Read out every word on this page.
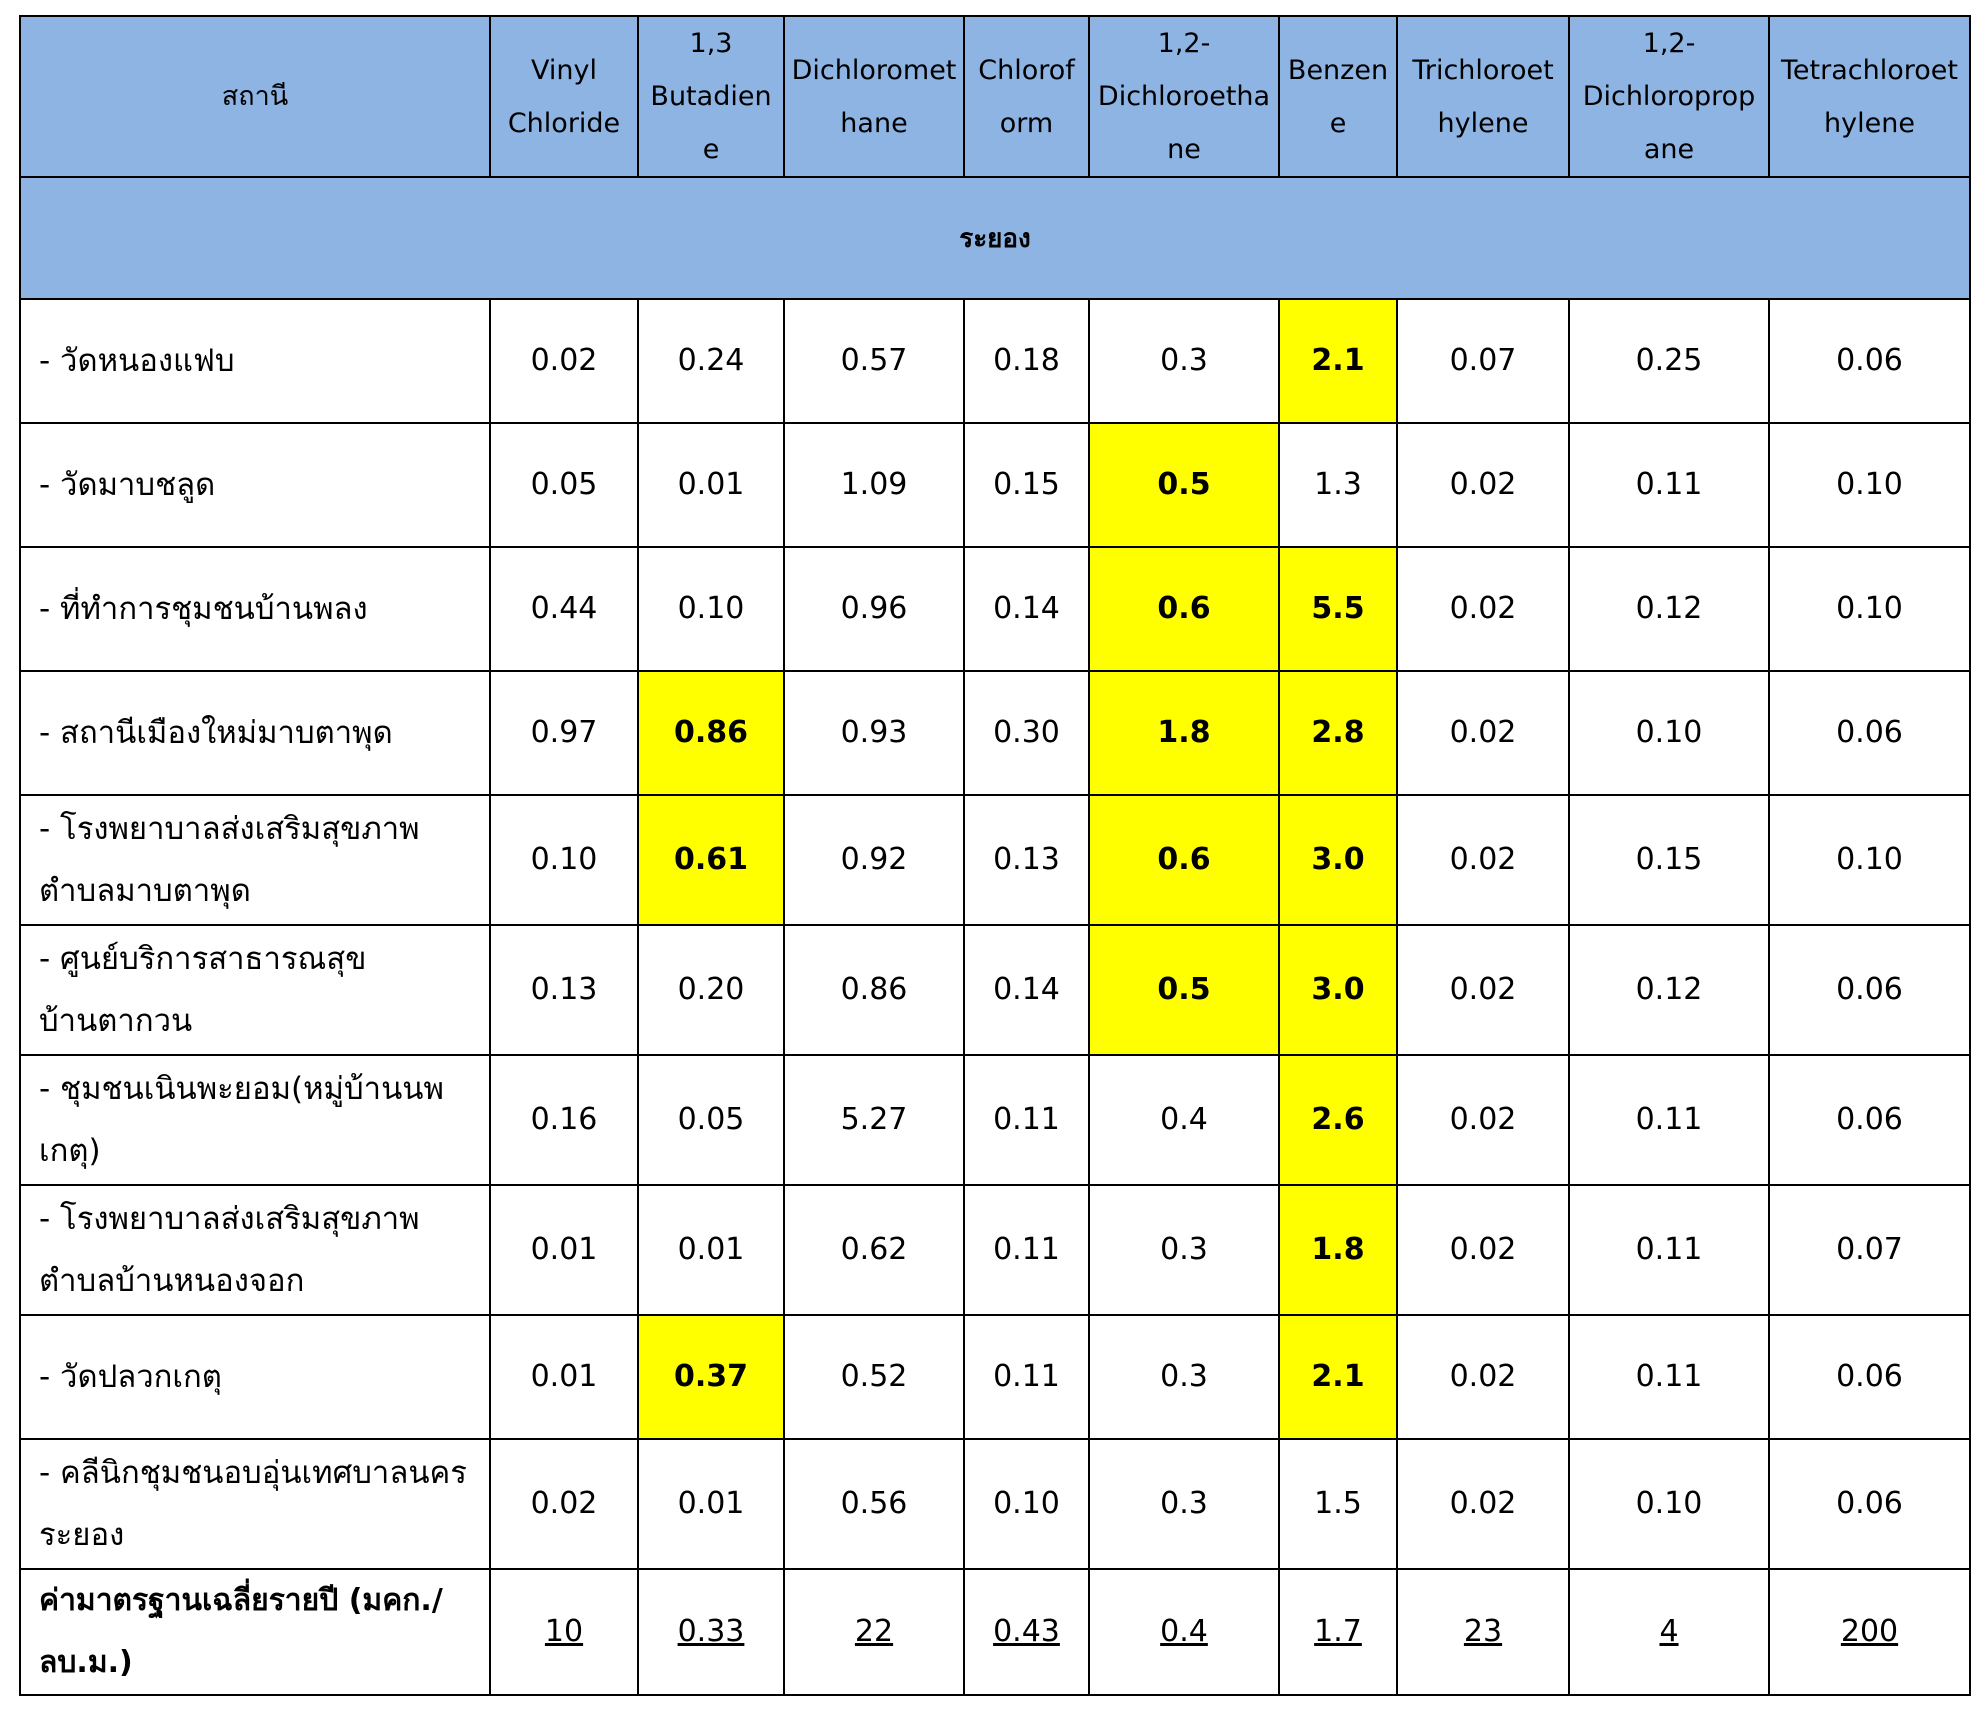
สถานี	Vinyl Chloride	1,3 Butadiene	Dichloromethane	Chloroform	1,2-Dichloroethane	Benzene	Trichloroethylene	1,2-Dichloropropane	Tetrachloroethylene
ระยอง									
- วัดหนองแฟบ	0.02	0.24	0.57	0.18	0.3	2.1	0.07	0.25	0.06
- วัดมาบชลูด	0.05	0.01	1.09	0.15	0.5	1.3	0.02	0.11	0.10
- ที่ทำการชุมชนบ้านพลง	0.44	0.10	0.96	0.14	0.6	5.5	0.02	0.12	0.10
- สถานีเมืองใหม่มาบตาพุด	0.97	0.86	0.93	0.30	1.8	2.8	0.02	0.10	0.06
- โรงพยาบาลส่งเสริมสุขภาพตำบลมาบตาพุด	0.10	0.61	0.92	0.13	0.6	3.0	0.02	0.15	0.10
- ศูนย์บริการสาธารณสุขบ้านตากวน	0.13	0.20	0.86	0.14	0.5	3.0	0.02	0.12	0.06
- ชุมชนเนินพะยอม(หมู่บ้านนพเกตุ)	0.16	0.05	5.27	0.11	0.4	2.6	0.02	0.11	0.06
- โรงพยาบาลส่งเสริมสุขภาพตำบลบ้านหนองจอก	0.01	0.01	0.62	0.11	0.3	1.8	0.02	0.11	0.07
- วัดปลวกเกตุ	0.01	0.37	0.52	0.11	0.3	2.1	0.02	0.11	0.06
- คลีนิกชุมชนอบอุ่นเทศบาลนครระยอง	0.02	0.01	0.56	0.10	0.3	1.5	0.02	0.10	0.06
ค่ามาตรฐานเฉลี่ยรายปี (มคก./ลบ.ม.)	10	0.33	22	0.43	0.4	1.7	23	4	200
